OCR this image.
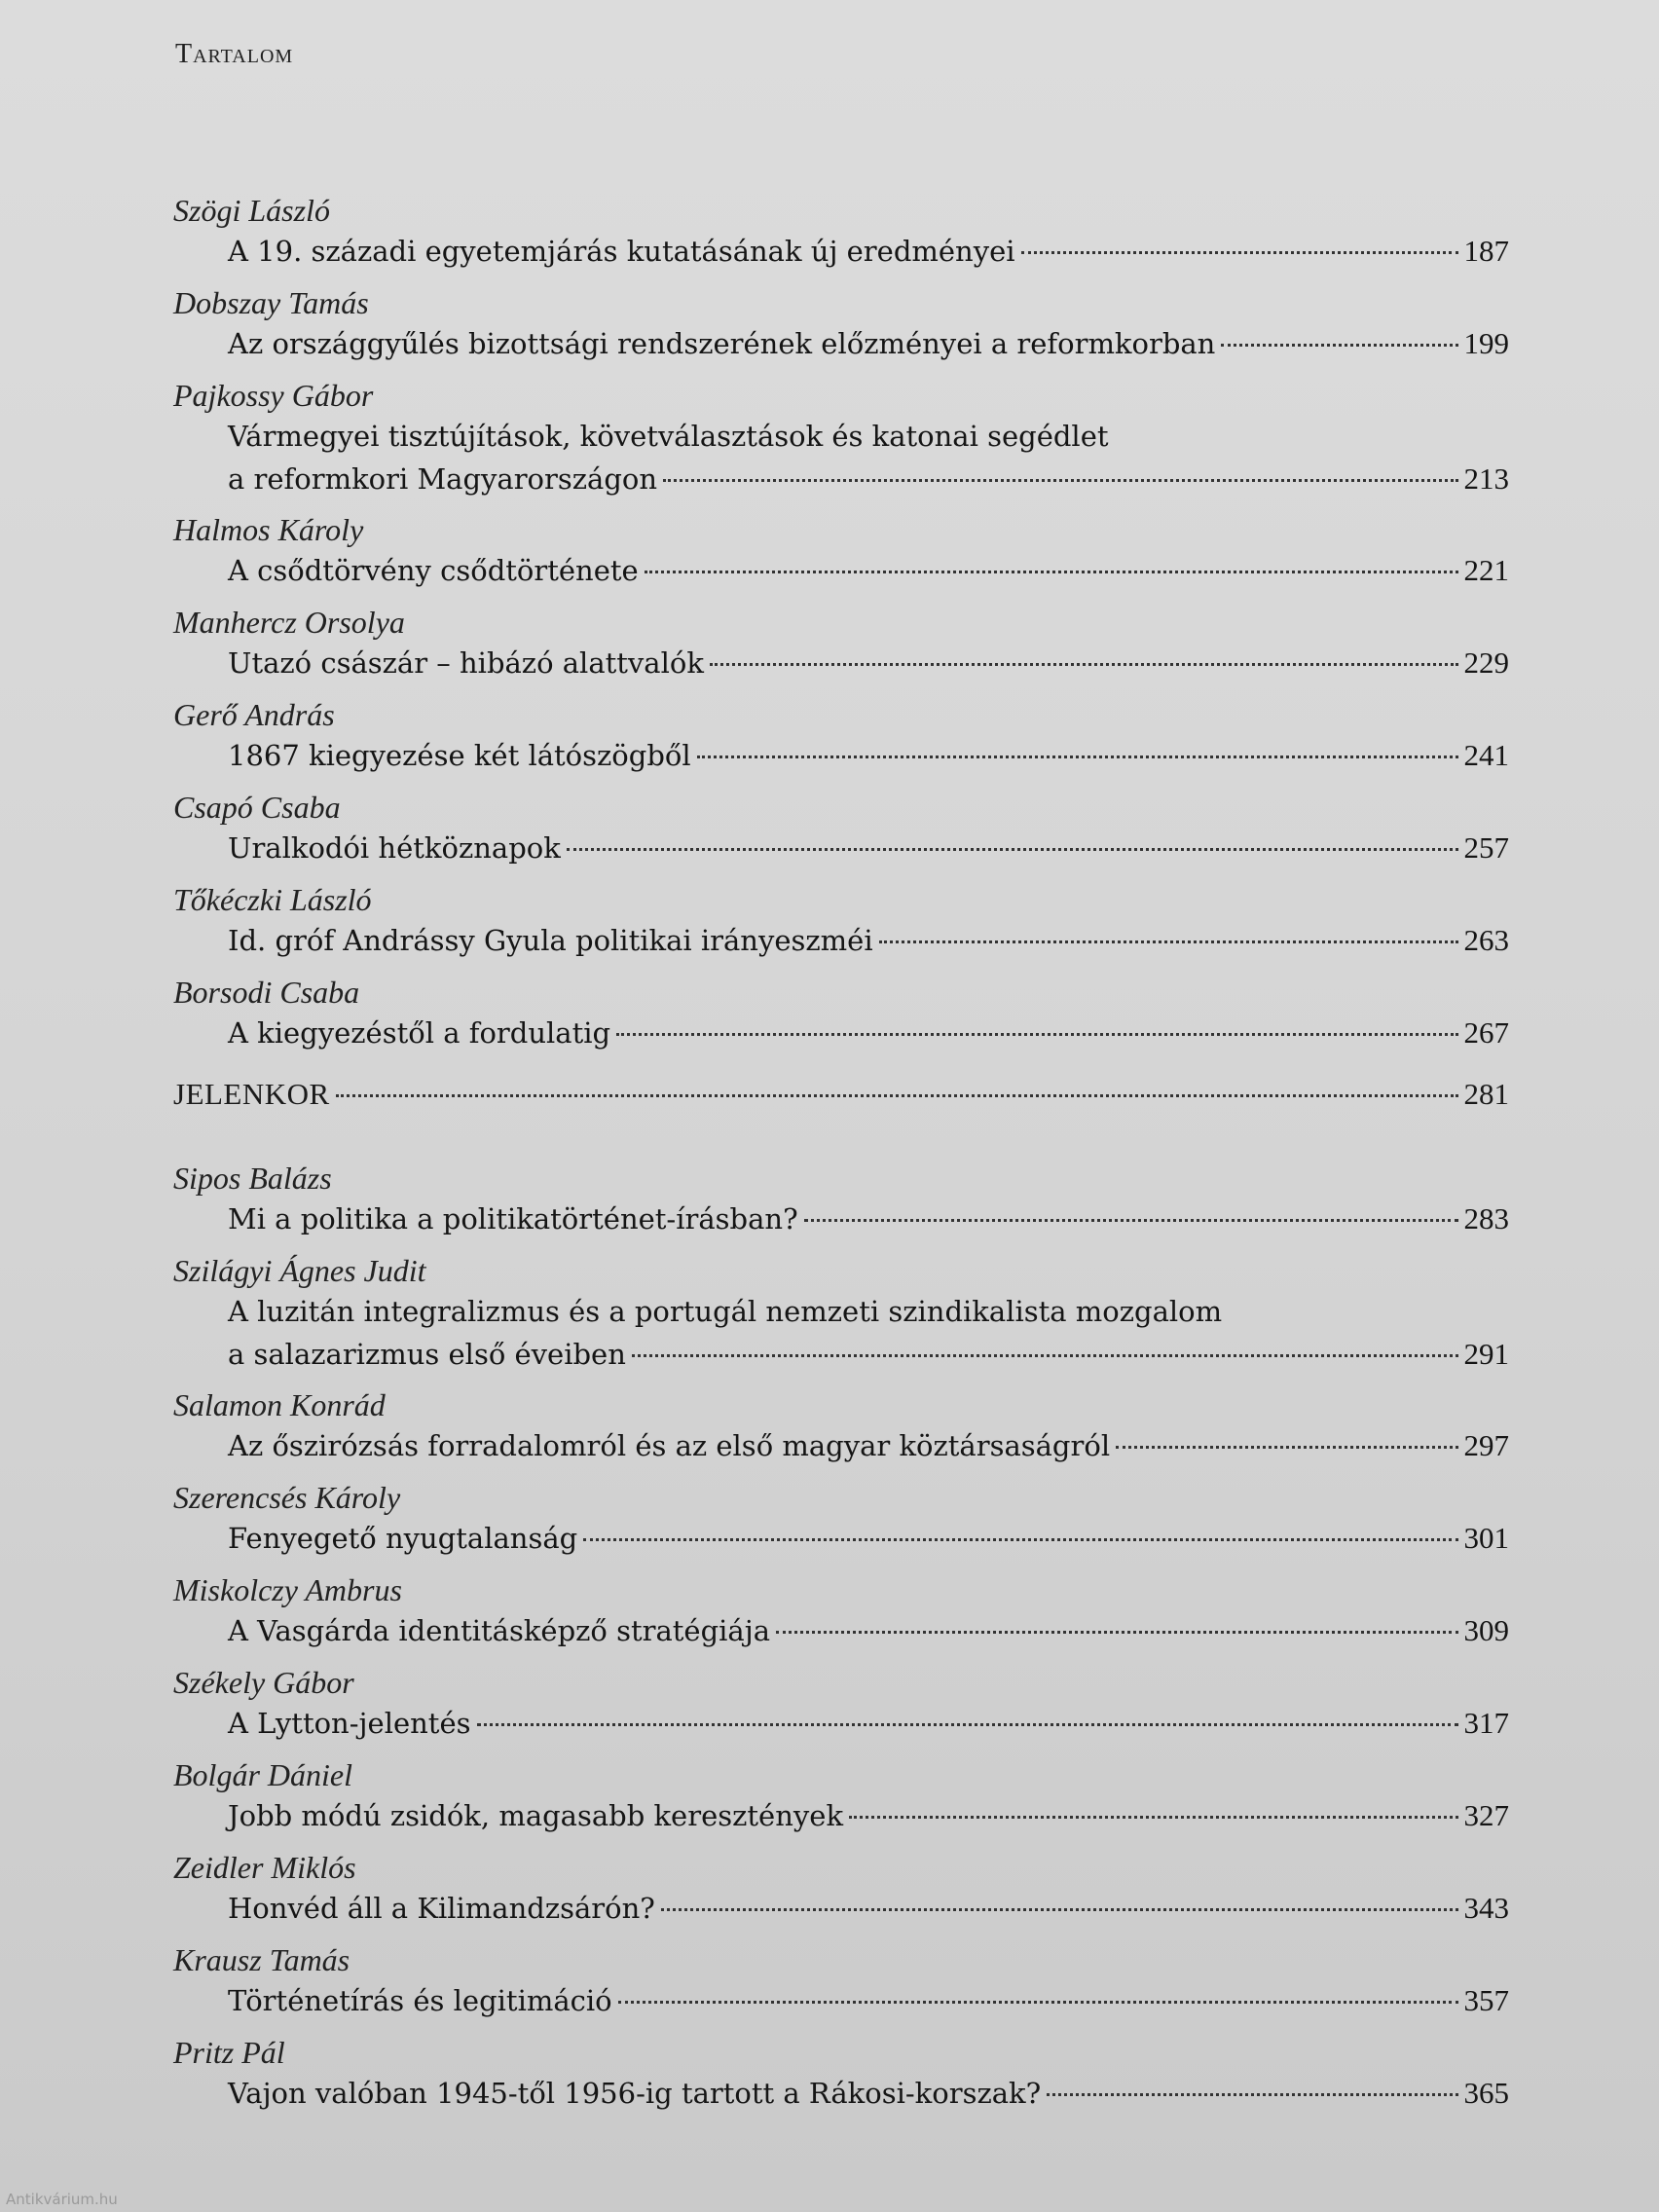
Tartalom
Szögi László
A 19. századi egyetemjárás kutatásának új eredményei	187
Dobszay Tamás
Az országgyűlés bizottsági rendszerének előzményei a reformkorban	199
Pajkossy Gábor
Vármegyei tisztújítások, követválasztások és katonai segédlet
a reformkori Magyarországon	213
Halmos Károly
A csődtörvény csődtörténete	221
Manhercz Orsolya
Utazó császár – hibázó alattvalók	229
Gerő András
1867 kiegyezése két látószögből	241
Csapó Csaba
Uralkodói hétköznapok	257
Tőkéczki László
Id. gróf Andrássy Gyula politikai irányeszméi	263
Borsodi Csaba
A kiegyezéstől a fordulatig	267
JELENKOR	281
Sipos Balázs
Mi a politika a politikatörténet-írásban?	283
Szilágyi Ágnes Judit
A luzitán integralizmus és a portugál nemzeti szindikalista mozgalom
a salazarizmus első éveiben	291
Salamon Konrád
Az őszirózsás forradalomról és az első magyar köztársaságról	297
Szerencsés Károly
Fenyegető nyugtalanság	301
Miskolczy Ambrus
A Vasgárda identitásképző stratégiája	309
Székely Gábor
A Lytton-jelentés	317
Bolgár Dániel
Jobb módú zsidók, magasabb keresztények	327
Zeidler Miklós
Honvéd áll a Kilimandzsárón?	343
Krausz Tamás
Történetírás és legitimáció	357
Pritz Pál
Vajon valóban 1945-től 1956-ig tartott a Rákosi-korszak?	365
Antikvárium.hu
